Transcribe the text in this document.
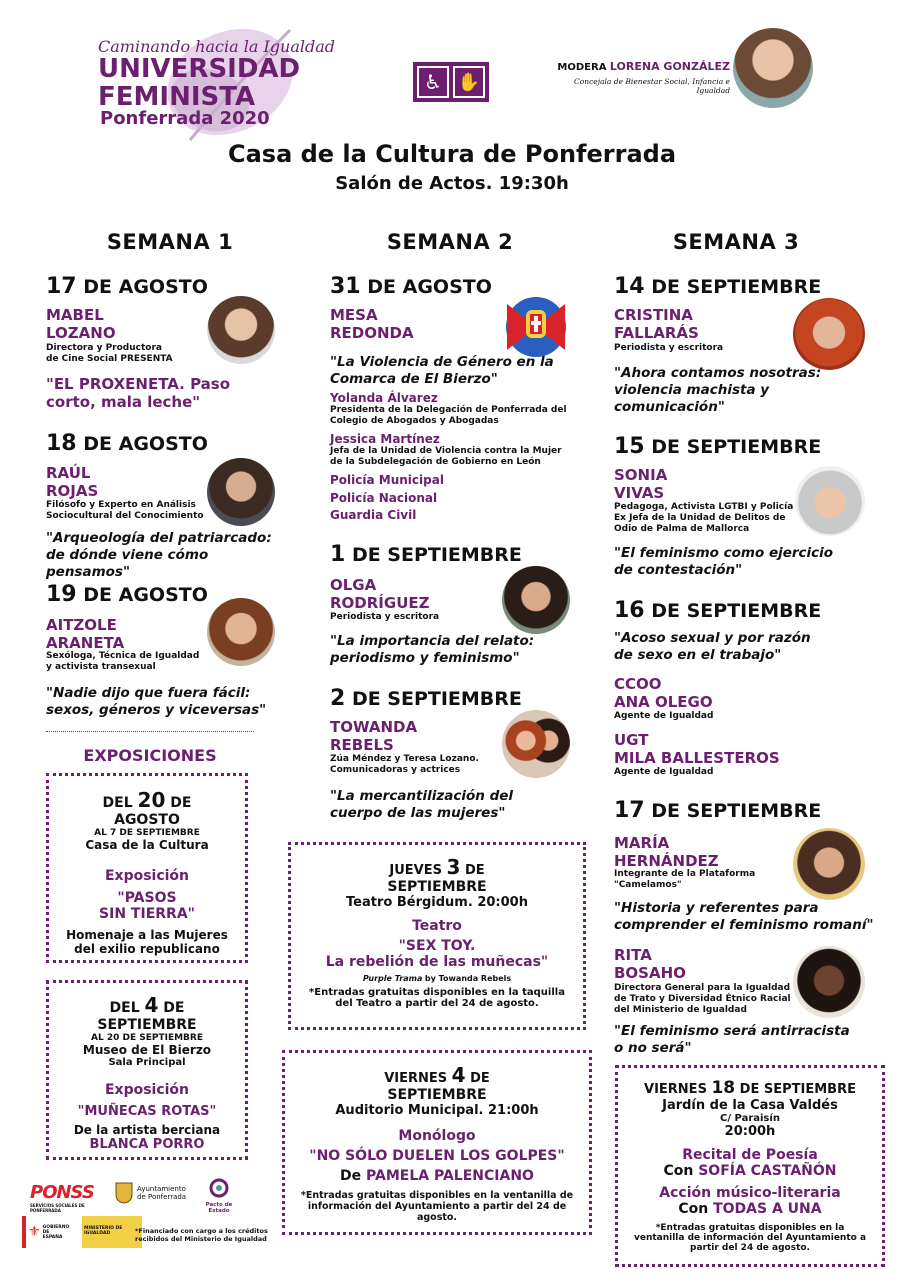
Caminando hacia la Igualdad
UNIVERSIDAD
FEMINISTA
Ponferrada 2020
♿ ✋
MODERA LORENA GONZÁLEZ
Concejala de Bienestar Social, Infancia e Igualdad
Casa de la Cultura de Ponferrada
Salón de Actos. 19:30h
SEMANA 1	SEMANA 2	SEMANA 3
17 DE AGOSTO
MABEL
LOZANO
Directora y Productora de Cine Social PRESENTA
"EL PROXENETA. Paso corto, mala leche"
18 DE AGOSTO
RAÚL
ROJAS
Filósofo y Experto en Análisis Sociocultural del Conocimiento
"Arqueología del patriarcado: de dónde viene cómo pensamos"
19 DE AGOSTO
AITZOLE
ARANETA
Sexóloga, Técnica de Igualdad y activista transexual
"Nadie dijo que fuera fácil: sexos, géneros y viceversas"
EXPOSICIONES
DEL 20 DE
AGOSTO
AL 7 DE SEPTIEMBRE
Casa de la Cultura
Exposición
"PASOS
SIN TIERRA"
Homenaje a las Mujeres
del exilio republicano
DEL 4 DE
SEPTIEMBRE
AL 20 DE SEPTIEMBRE
Museo de El Bierzo
Sala Principal
Exposición
"MUÑECAS ROTAS"
De la artista berciana
BLANCA PORRO
31 DE AGOSTO
MESA
REDONDA
"La Violencia de Género en la Comarca de El Bierzo"
Yolanda Álvarez
Presidenta de la Delegación de Ponferrada del Colegio de Abogados y Abogadas
Jessica Martínez
Jefa de la Unidad de Violencia contra la Mujer de la Subdelegación de Gobierno en León
Policía Municipal
Policía Nacional
Guardia Civil
1 DE SEPTIEMBRE
OLGA
RODRÍGUEZ
Periodista y escritora
"La importancia del relato: periodismo y feminismo"
2 DE SEPTIEMBRE
TOWANDA
REBELS
Zúa Méndez y Teresa Lozano. Comunicadoras y actrices
"La mercantilización del cuerpo de las mujeres"
JUEVES 3 DE
SEPTIEMBRE
Teatro Bérgidum. 20:00h
Teatro
"SEX TOY.
La rebelión de las muñecas"
Purple Trama by Towanda Rebels
*Entradas gratuitas disponibles en la taquilla del Teatro a partir del 24 de agosto.
VIERNES 4 DE
SEPTIEMBRE
Auditorio Municipal. 21:00h
Monólogo
"NO SÓLO DUELEN LOS GOLPES"
De PAMELA PALENCIANO
*Entradas gratuitas disponibles en la ventanilla de información del Ayuntamiento a partir del 24 de agosto.
14 DE SEPTIEMBRE
CRISTINA
FALLARÁS
Periodista y escritora
"Ahora contamos nosotras: violencia machista y comunicación"
15 DE SEPTIEMBRE
SONIA
VIVAS
Pedagoga, Activista LGTBI y Policía Ex Jefa de la Unidad de Delitos de Odio de Palma de Mallorca
"El feminismo como ejercicio de contestación"
16 DE SEPTIEMBRE
"Acoso sexual y por razón de sexo en el trabajo"
CCOO
ANA OLEGO
Agente de Igualdad
UGT
MILA BALLESTEROS
Agente de Igualdad
17 DE SEPTIEMBRE
MARÍA
HERNÁNDEZ
Integrante de la Plataforma "Camelamos"
"Historia y referentes para comprender el feminismo romaní"
RITA
BOSAHO
Directora General para la Igualdad de Trato y Diversidad Étnico Racial del Ministerio de Igualdad
"El feminismo será antirracista o no será"
VIERNES 18 DE SEPTIEMBRE
Jardín de la Casa Valdés
C/ Paraisín
20:00h
Recital de Poesía
Con SOFÍA CASTAÑÓN
Acción músico-literaria
Con TODAS A UNA
*Entradas gratuitas disponibles en la ventanilla de información del Ayuntamiento a partir del 24 de agosto.
PONSS
SERVICIOS SOCIALES DE PONFERRADA
Ayuntamiento
de Ponferrada
Pacto de Estado
⚜ GOBIERNO DE ESPAÑA
MINISTERIO DE IGUALDAD	*Financiado con cargo a los créditos recibidos del Ministerio de Igualdad
